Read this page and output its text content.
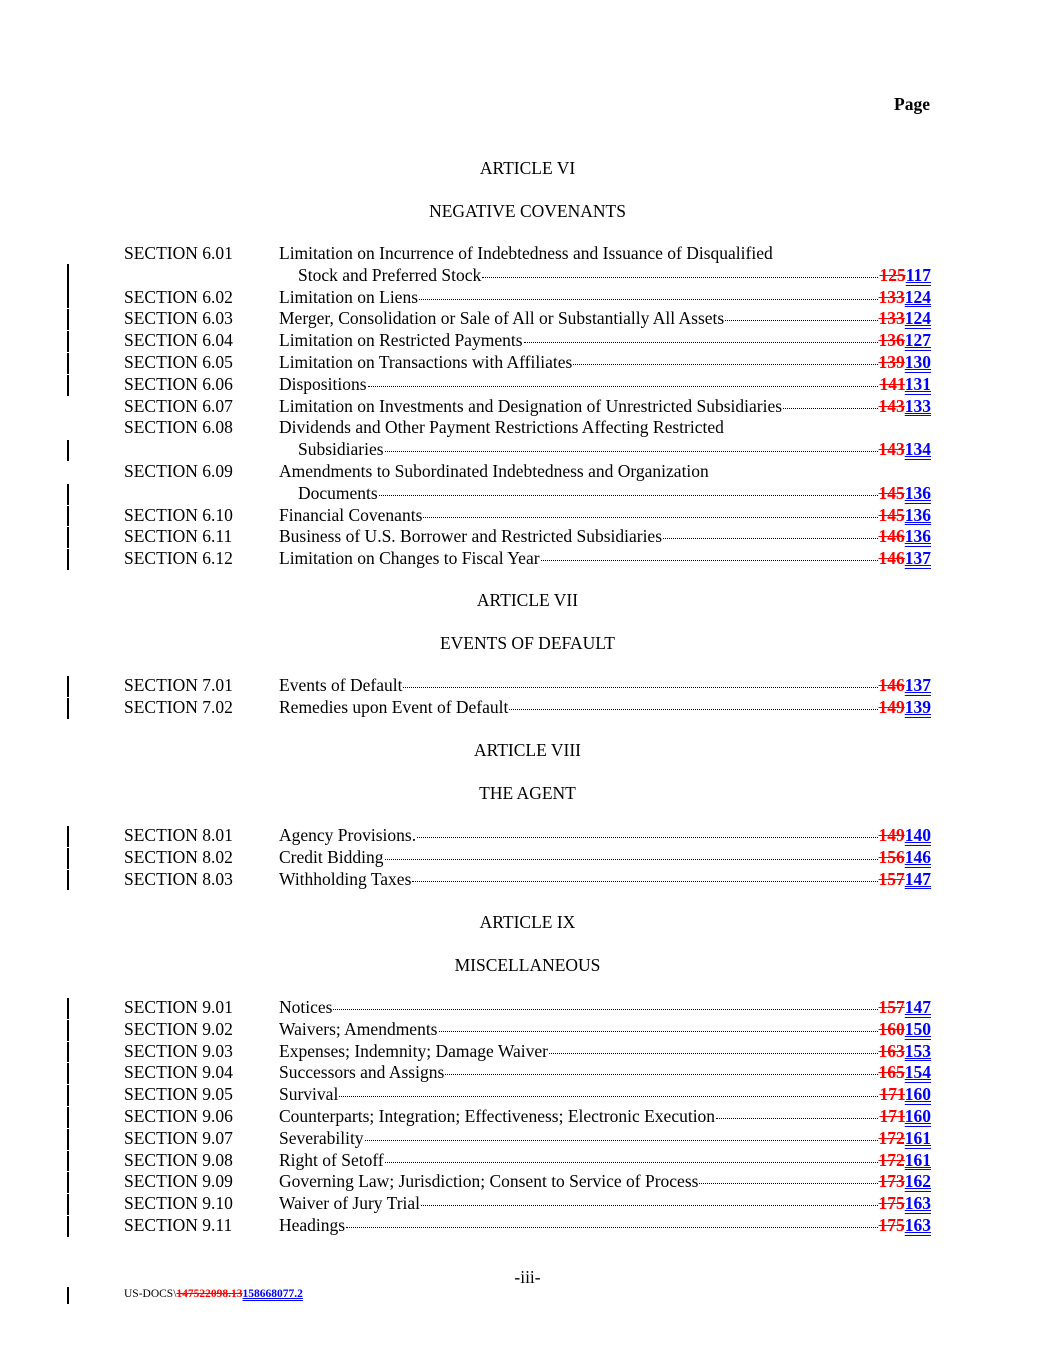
Page
ARTICLE VI
NEGATIVE COVENANTS
SECTION 6.01	Limitation on Incurrence of Indebtedness and Issuance of Disqualified
Stock and Preferred Stock	125117
SECTION 6.02	Limitation on Liens	133124
SECTION 6.03	Merger, Consolidation or Sale of All or Substantially All Assets	133124
SECTION 6.04	Limitation on Restricted Payments	136127
SECTION 6.05	Limitation on Transactions with Affiliates	139130
SECTION 6.06	Dispositions	141131
SECTION 6.07	Limitation on Investments and Designation of Unrestricted Subsidiaries	143133
SECTION 6.08	Dividends and Other Payment Restrictions Affecting Restricted
Subsidiaries	143134
SECTION 6.09	Amendments to Subordinated Indebtedness and Organization
Documents	145136
SECTION 6.10	Financial Covenants	145136
SECTION 6.11	Business of U.S. Borrower and Restricted Subsidiaries	146136
SECTION 6.12	Limitation on Changes to Fiscal Year	146137
ARTICLE VII
EVENTS OF DEFAULT
SECTION 7.01	Events of Default	146137
SECTION 7.02	Remedies upon Event of Default	149139
ARTICLE VIII
THE AGENT
SECTION 8.01	Agency Provisions.	149140
SECTION 8.02	Credit Bidding	156146
SECTION 8.03	Withholding Taxes	157147
ARTICLE IX
MISCELLANEOUS
SECTION 9.01	Notices	157147
SECTION 9.02	Waivers; Amendments	160150
SECTION 9.03	Expenses; Indemnity; Damage Waiver	163153
SECTION 9.04	Successors and Assigns	165154
SECTION 9.05	Survival	171160
SECTION 9.06	Counterparts; Integration; Effectiveness; Electronic Execution	171160
SECTION 9.07	Severability	172161
SECTION 9.08	Right of Setoff	172161
SECTION 9.09	Governing Law; Jurisdiction; Consent to Service of Process	173162
SECTION 9.10	Waiver of Jury Trial	175163
SECTION 9.11	Headings	175163
-iii-
US-DOCS\147522098.13158668077.2
